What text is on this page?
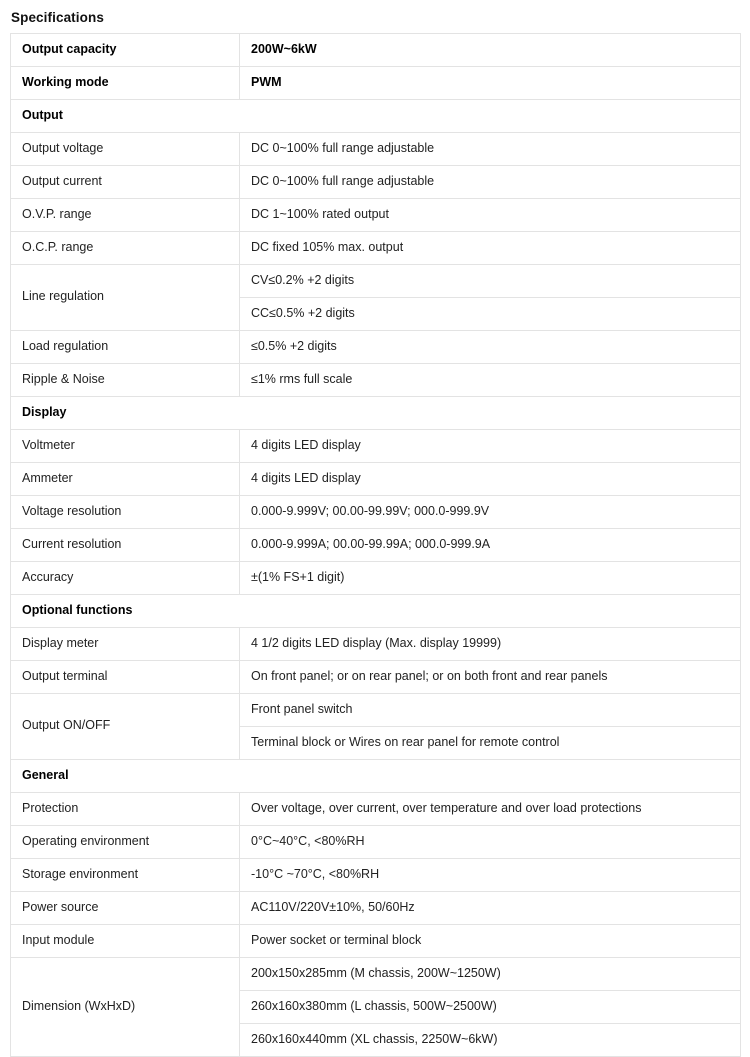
Specifications
Output capacity	200W~6kW
Working mode	PWM
Output	
Output voltage	DC 0~100% full range adjustable
Output current	DC 0~100% full range adjustable
O.V.P. range	DC 1~100% rated output
O.C.P. range	DC fixed 105% max. output
Line regulation	CV≤0.2% +2 digits
	CC≤0.5% +2 digits
Load regulation	≤0.5% +2 digits
Ripple & Noise	≤1% rms full scale
Display	
Voltmeter	4 digits LED display
Ammeter	4 digits LED display
Voltage resolution	0.000-9.999V; 00.00-99.99V; 000.0-999.9V
Current resolution	0.000-9.999A; 00.00-99.99A; 000.0-999.9A
Accuracy	±(1% FS+1 digit)
Optional functions	
Display meter	4 1/2 digits LED display (Max. display 19999)
Output terminal	On front panel; or on rear panel; or on both front and rear panels
Output ON/OFF	Front panel switch
	Terminal block or Wires on rear panel for remote control
General	
Protection	Over voltage, over current, over temperature and over load protections
Operating environment	0°C~40°C, <80%RH
Storage environment	-10°C ~70°C, <80%RH
Power source	AC110V/220V±10%, 50/60Hz
Input module	Power socket or terminal block
Dimension (WxHxD)	200x150x285mm (M chassis, 200W~1250W)
	260x160x380mm (L chassis, 500W~2500W)
	260x160x440mm (XL chassis, 2250W~6kW)
